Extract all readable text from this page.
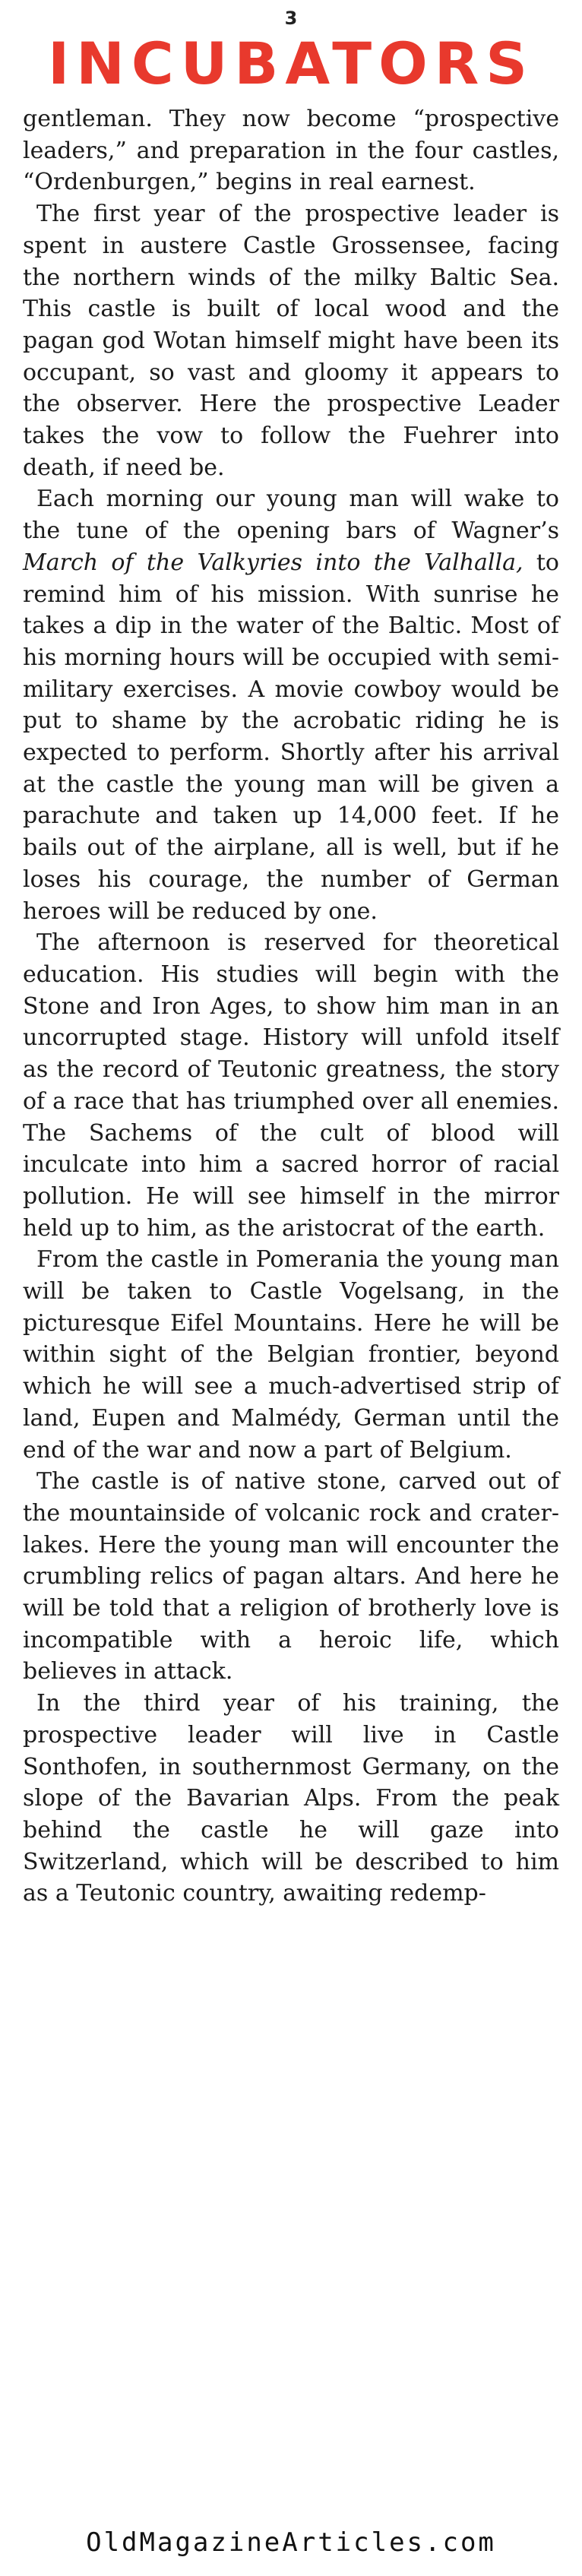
3
INCUBATORS

gentleman. They now become “prospective leaders,” and preparation in the four castles, “Ordenburgen,” begins in real earnest.

The first year of the prospective leader is spent in austere Castle Grossensee, facing the northern winds of the milky Baltic Sea. This castle is built of local wood and the pagan god Wotan himself might have been its occupant, so vast and gloomy it appears to the observer. Here the prospective Leader takes the vow to follow the Fuehrer into death, if need be.

Each morning our young man will wake to the tune of the opening bars of Wagner’s March of the Valkyries into the Valhalla, to remind him of his mission. With sunrise he takes a dip in the water of the Baltic. Most of his morning hours will be occupied with semi-military exercises. A movie cowboy would be put to shame by the acrobatic riding he is expected to perform. Shortly after his arrival at the castle the young man will be given a parachute and taken up 14,000 feet. If he bails out of the airplane, all is well, but if he loses his courage, the number of German heroes will be reduced by one.

The afternoon is reserved for theoretical education. His studies will begin with the Stone and Iron Ages, to show him man in an uncorrupted stage. History will unfold itself as the record of Teutonic greatness, the story of a race that has triumphed over all enemies. The Sachems of the cult of blood will inculcate into him a sacred horror of racial pollution. He will see himself in the mirror held up to him, as the aristocrat of the earth.

From the castle in Pomerania the young man will be taken to Castle Vogelsang, in the picturesque Eifel Mountains. Here he will be within sight of the Belgian frontier, beyond which he will see a much-advertised strip of land, Eupen and Malmédy, German until the end of the war and now a part of Belgium.

The castle is of native stone, carved out of the mountainside of volcanic rock and crater-lakes. Here the young man will encounter the crumbling relics of pagan altars. And here he will be told that a religion of brotherly love is incompatible with a heroic life, which believes in attack.

In the third year of his training, the prospective leader will live in Castle Sonthofen, in southernmost Germany, on the slope of the Bavarian Alps. From the peak behind the castle he will gaze into Switzerland, which will be described to him as a Teutonic country, awaiting redemp-

OldMagazineArticles.com
